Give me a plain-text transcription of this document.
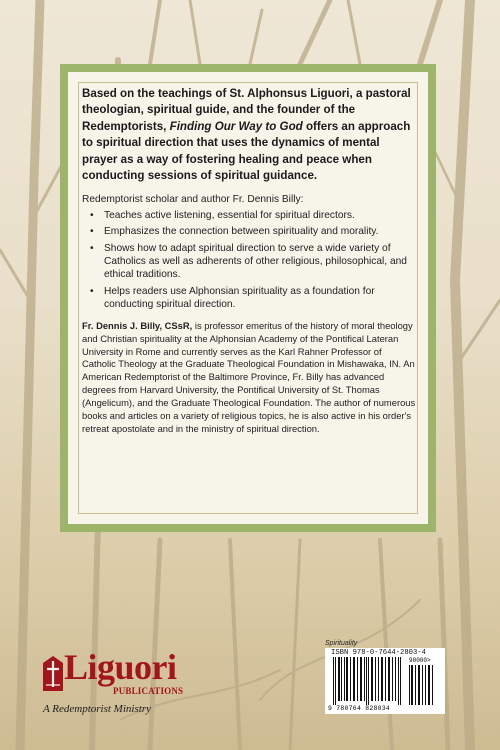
Based on the teachings of St. Alphonsus Liguori, a pastoral theologian, spiritual guide, and the founder of the Redemptorists, Finding Our Way to God offers an approach to spiritual direction that uses the dynamics of mental prayer as a way of fostering healing and peace when conducting sessions of spiritual guidance.

Redemptorist scholar and author Fr. Dennis Billy:

• Teaches active listening, essential for spiritual directors.
• Emphasizes the connection between spirituality and morality.
• Shows how to adapt spiritual direction to serve a wide variety of Catholics as well as adherents of other religious, philosophical, and ethical traditions.
• Helps readers use Alphonsian spirituality as a foundation for conducting spiritual direction.

Fr. Dennis J. Billy, CSsR, is professor emeritus of the history of moral theology and Christian spirituality at the Alphonsian Academy of the Pontifical Lateran University in Rome and currently serves as the Karl Rahner Professor of Catholic Theology at the Graduate Theological Foundation in Mishawaka, IN. An American Redemptorist of the Baltimore Province, Fr. Billy has advanced degrees from Harvard University, the Pontifical University of St. Thomas (Angelicum), and the Graduate Theological Foundation. The author of numerous books and articles on a variety of religious topics, he is also active in his order's retreat apostolate and in the ministry of spiritual direction.

Liguori
PUBLICATIONS
A Redemptorist Ministry
Spirituality
ISBN 978-0-7644-2803-4
90000>
9 780764 828034
